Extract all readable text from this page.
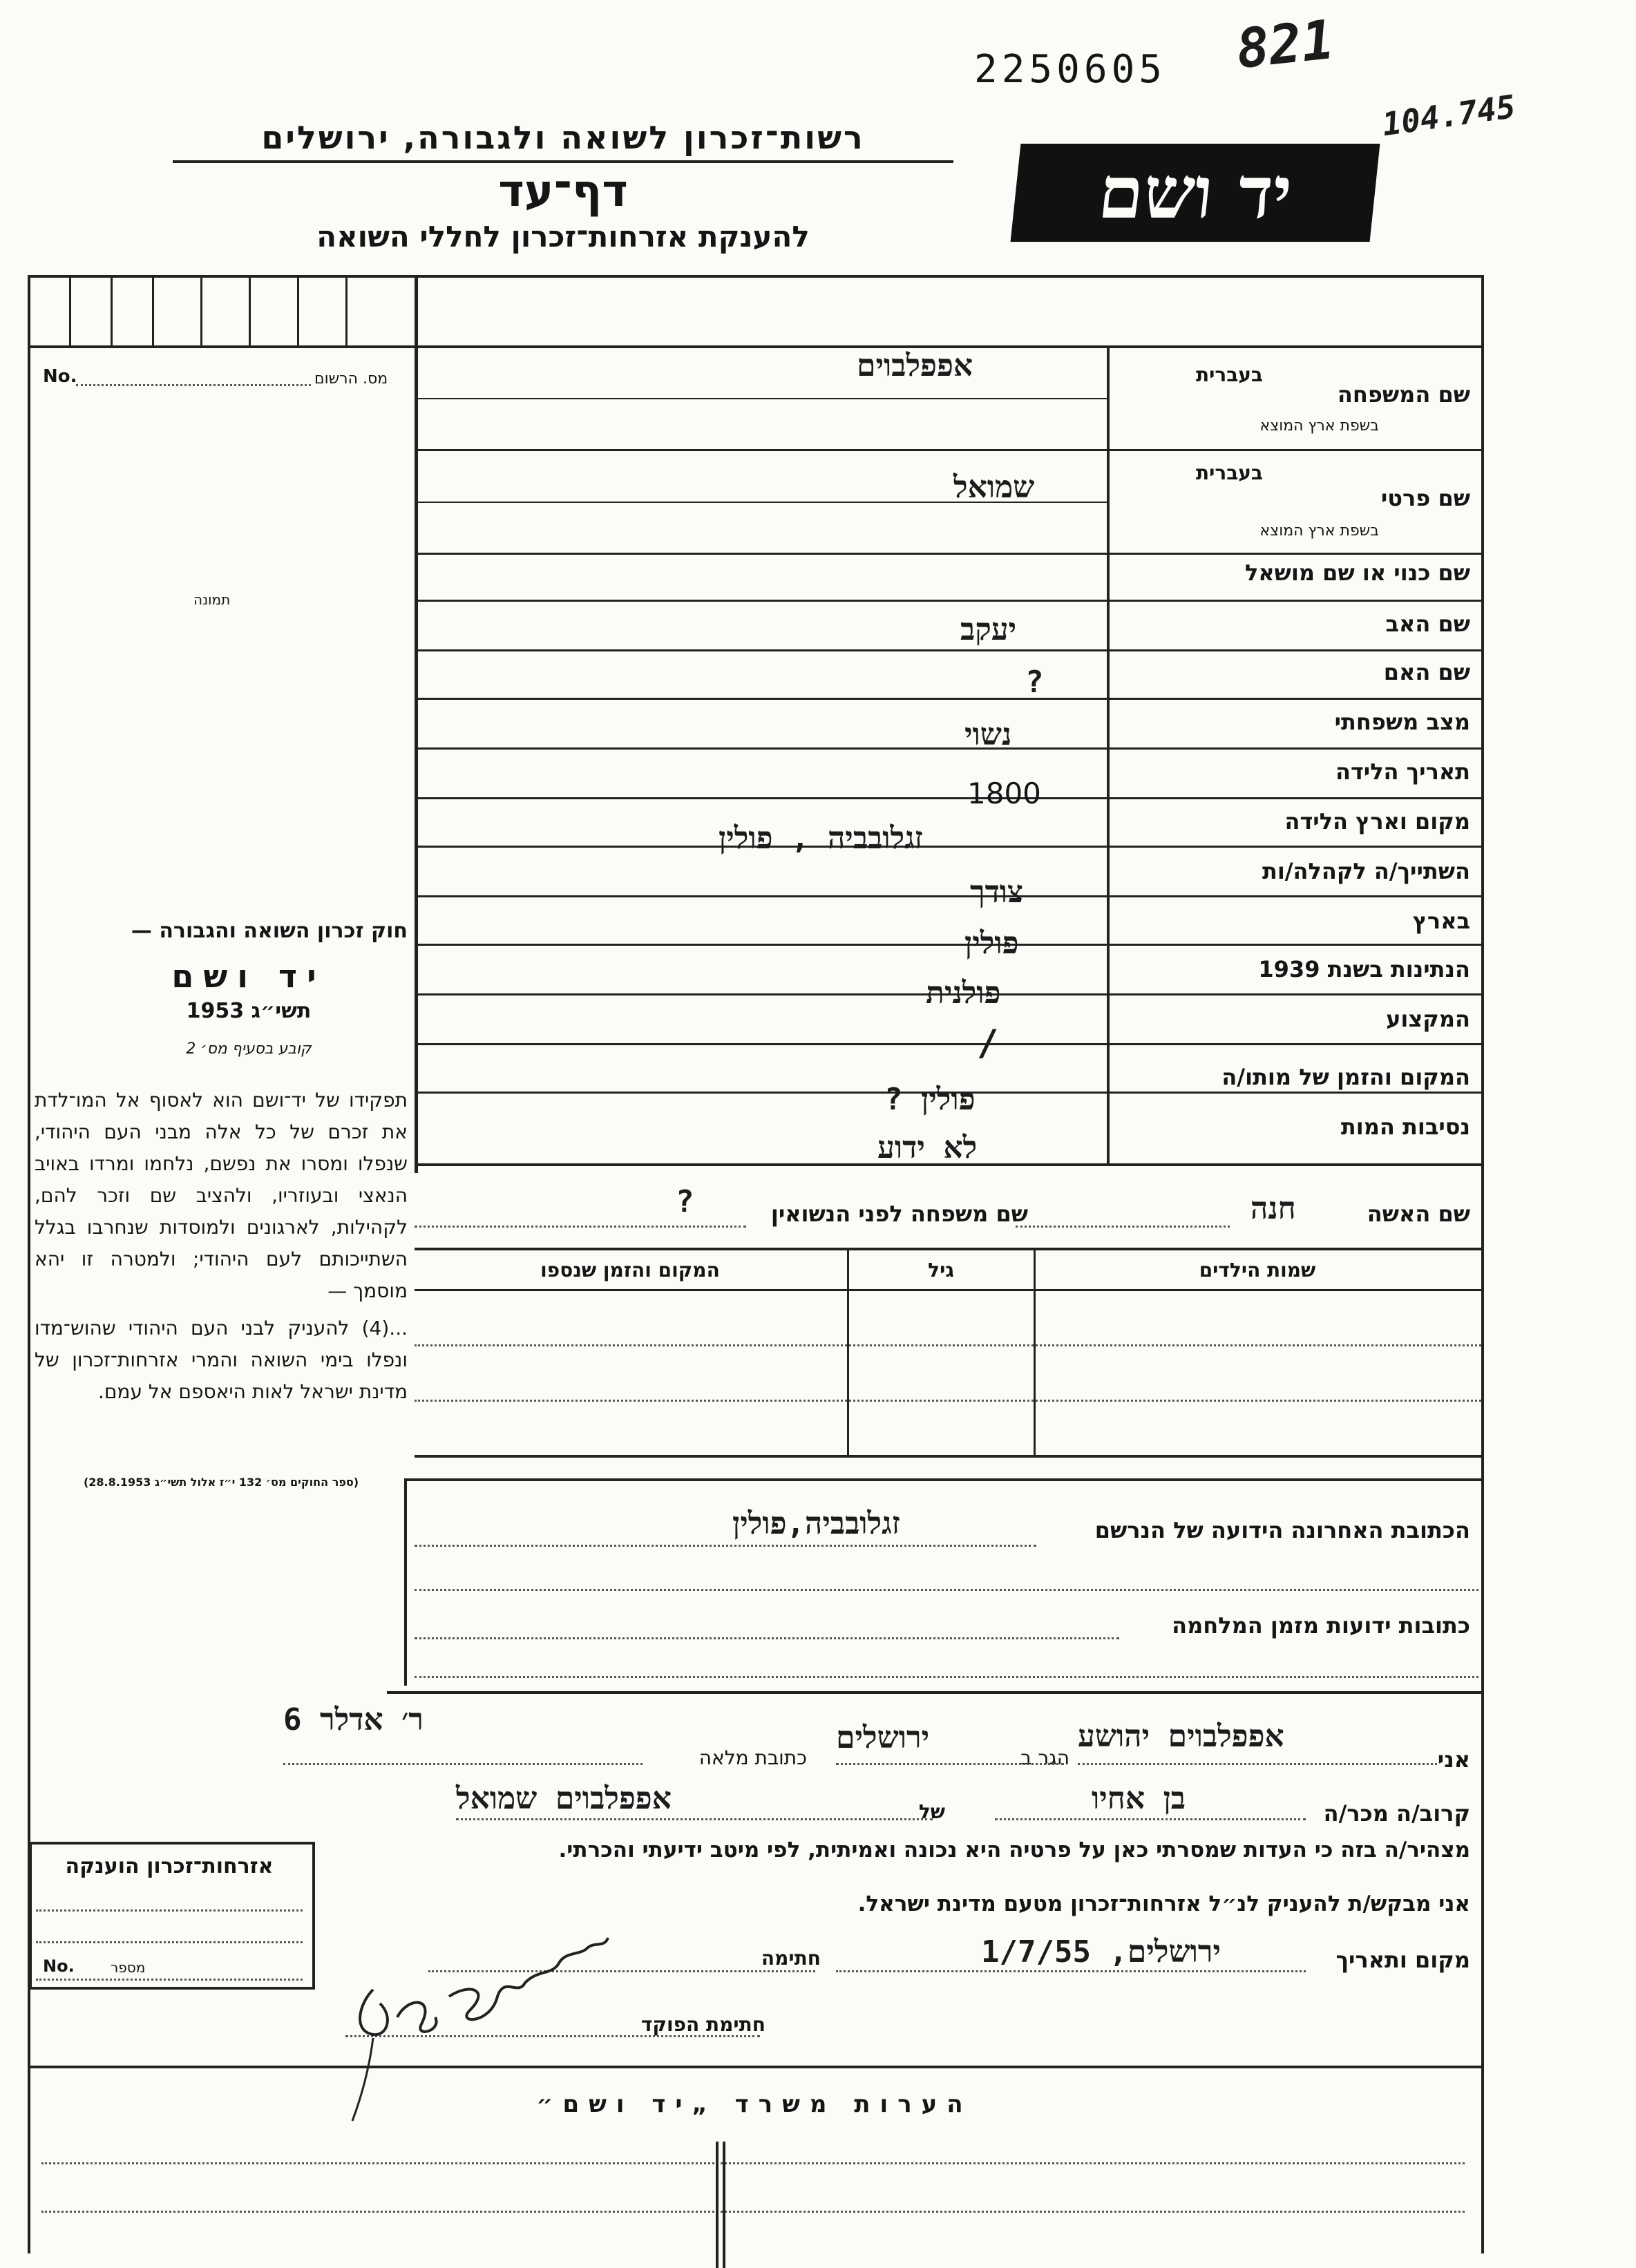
2250605 821
104.745
רשות־זכרון לשואה ולגבורה, ירושלים
דף־עד
להענקת אזרחות־זכרון לחללי השואה
יד ושם
No.	מס. הרשום
תמונה
חוק זכרון השואה והגבורה —
יד ושם
תשי״ג 1953
קובע בסעיף מס׳ 2
תפקידו של יד־ושם הוא לאסוף אל המו־לדת את זכרם של כל אלה מבני העם היהודי, שנפלו ומסרו את נפשם, נלחמו ומרדו באויב הנאצי ובעוזריו, ולהציב שם וזכר להם, לקהילות, לארגונים ולמוסדות שנחרבו בגלל השתייכותם לעם היהודי; ולמטרה זו יהא מוסמך —
...(4) להעניק לבני העם היהודי שהוש־מדו ונפלו בימי השואה והמרי אזרחות־זכרון של מדינת ישראל לאות היאספם אל עמם.
(ספר החוקים מס׳ 132 י״ז אלול תשי״ג 28.8.1953)
בעברית
שם המשפחה
בשפת ארץ המוצא
אפפלבוים
בעברית
שם פרטי
בשפת ארץ המוצא
שמואל
שם כנוי או שם מושאל
שם האב
יעקב
שם האם
?
מצב משפחתי
נשוי
תאריך הלידה
1800
מקום וארץ הלידה
זגלובביה , פולין
השתייך/ה לקהלה/ות
צודך
בארץ
פולין
הנתינות בשנת 1939
פולנית
המקצוע
/
המקום והזמן של מותו/ה
פולין ?
נסיבות המות
לא ידוע
שם האשה
חנה
שם משפחה לפני הנשואין
?
שמות הילדים
גיל
המקום והזמן שנספו
הכתובת האחרונה הידועה של הנרשם
זגלובביה,פולין
כתובות ידועות מזמן המלחמה
אני
אפפלבוים יהושע
הגר ב
ירושלים
כתובת מלאה
ר׳ אדלר 6
קרוב/ה מכר/ה
בן אחיו
של
אפפלבוים שמואל
מצהיר/ה בזה כי העדות שמסרתי כאן על פרטיה היא נכונה ואמיתית, לפי מיטב ידיעתי והכרתי.
אני מבקש/ת להעניק לנ״ל אזרחות־זכרון מטעם מדינת ישראל.
מקום ותאריך
ירושלים, 1/7/55
חתימה
חתימת הפוקד
אזרחות־זכרון הוענקה
No.	מספר
הערות משרד „יד ושם״
